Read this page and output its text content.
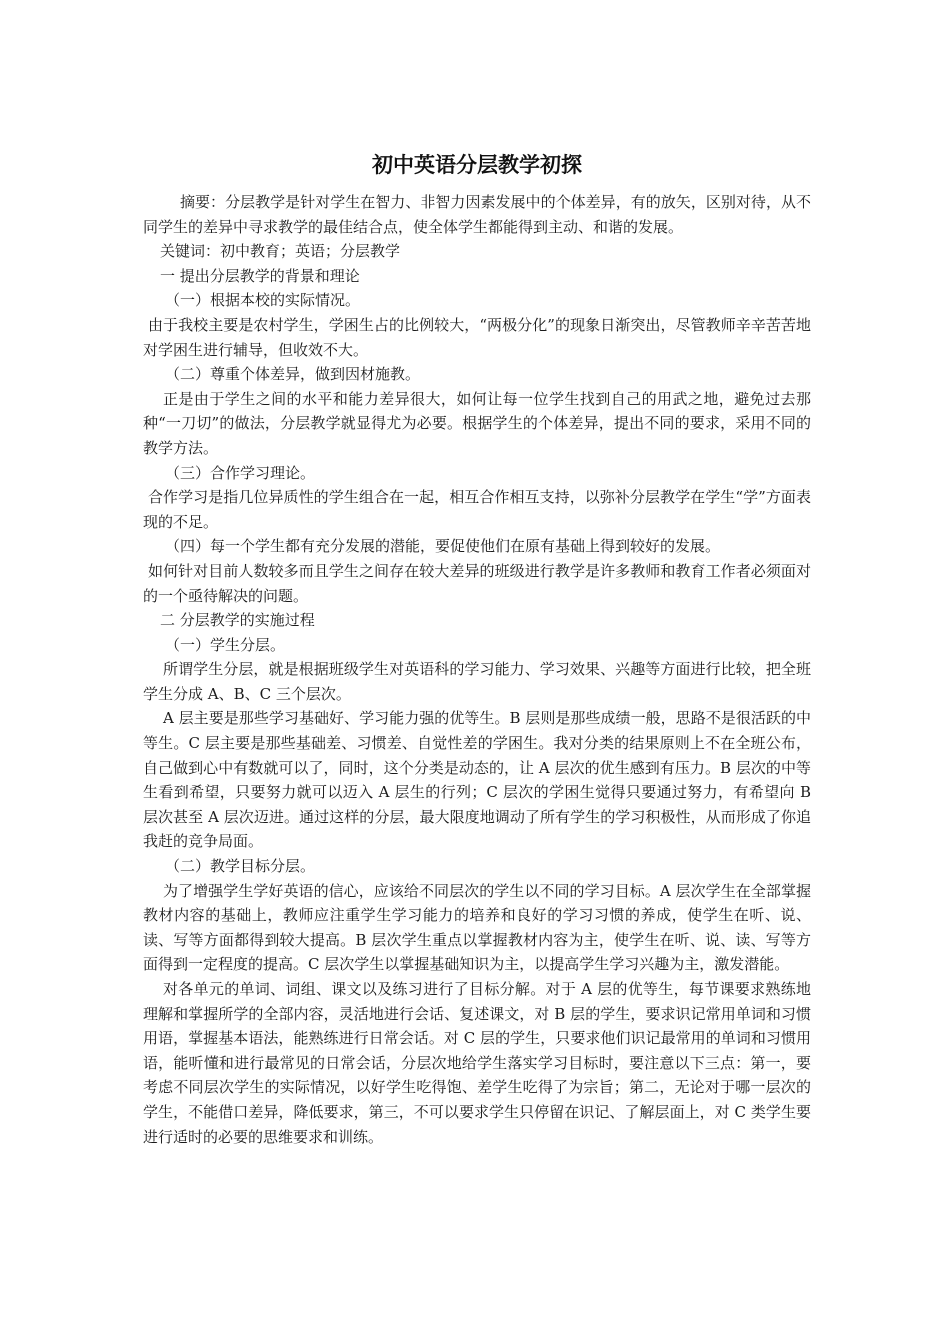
初中英语分层教学初探

摘要：分层教学是针对学生在智力、非智力因素发展中的个体差异，有的放矢，区别对待，从不同学生的差异中寻求教学的最佳结合点，使全体学生都能得到主动、和谐的发展。

关键词：初中教育；英语；分层教学

一 提出分层教学的背景和理论

（一）根据本校的实际情况。

由于我校主要是农村学生，学困生占的比例较大，“两极分化”的现象日渐突出，尽管教师辛辛苦苦地对学困生进行辅导，但收效不大。

（二）尊重个体差异，做到因材施教。

正是由于学生之间的水平和能力差异很大，如何让每一位学生找到自己的用武之地，避免过去那种“一刀切”的做法，分层教学就显得尤为必要。根据学生的个体差异，提出不同的要求，采用不同的教学方法。

（三）合作学习理论。

合作学习是指几位异质性的学生组合在一起，相互合作相互支持，以弥补分层教学在学生“学”方面表现的不足。

（四）每一个学生都有充分发展的潜能，要促使他们在原有基础上得到较好的发展。

如何针对目前人数较多而且学生之间存在较大差异的班级进行教学是许多教师和教育工作者必须面对的一个亟待解决的问题。

二 分层教学的实施过程

（一）学生分层。

所谓学生分层，就是根据班级学生对英语科的学习能力、学习效果、兴趣等方面进行比较，把全班学生分成 A、B、C 三个层次。

A 层主要是那些学习基础好、学习能力强的优等生。B 层则是那些成绩一般，思路不是很活跃的中等生。C 层主要是那些基础差、习惯差、自觉性差的学困生。我对分类的结果原则上不在全班公布，自己做到心中有数就可以了，同时，这个分类是动态的，让 A 层次的优生感到有压力。B 层次的中等生看到希望，只要努力就可以迈入 A 层生的行列；C 层次的学困生觉得只要通过努力，有希望向 B 层次甚至 A 层次迈进。通过这样的分层，最大限度地调动了所有学生的学习积极性，从而形成了你追我赶的竞争局面。

（二）教学目标分层。

为了增强学生学好英语的信心，应该给不同层次的学生以不同的学习目标。A 层次学生在全部掌握教材内容的基础上，教师应注重学生学习能力的培养和良好的学习习惯的养成，使学生在听、说、读、写等方面都得到较大提高。B 层次学生重点以掌握教材内容为主，使学生在听、说、读、写等方面得到一定程度的提高。C 层次学生以掌握基础知识为主，以提高学生学习兴趣为主，激发潜能。

对各单元的单词、词组、课文以及练习进行了目标分解。对于 A 层的优等生，每节课要求熟练地理解和掌握所学的全部内容，灵活地进行会话、复述课文，对 B 层的学生，要求识记常用单词和习惯用语，掌握基本语法，能熟练进行日常会话。对 C 层的学生，只要求他们识记最常用的单词和习惯用语，能听懂和进行最常见的日常会话，分层次地给学生落实学习目标时，要注意以下三点：第一，要考虑不同层次学生的实际情况，以好学生吃得饱、差学生吃得了为宗旨；第二，无论对于哪一层次的学生，不能借口差异，降低要求，第三，不可以要求学生只停留在识记、了解层面上，对 C 类学生要进行适时的必要的思维要求和训练。
